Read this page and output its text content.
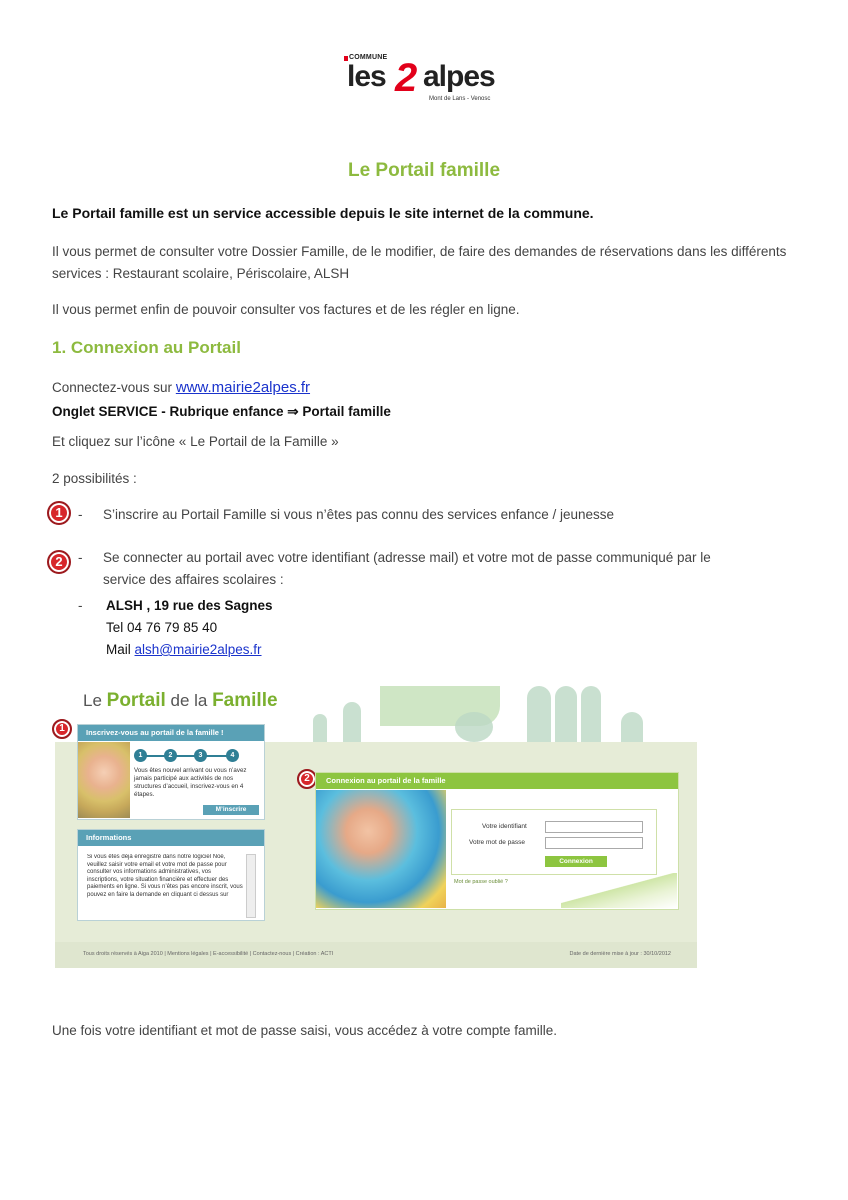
COMMUNE
les 2 alpes
Mont de Lans - Venosc
Le Portail famille
Le Portail famille est un service accessible depuis le site internet de la commune.
Il vous permet de consulter votre Dossier Famille, de le modifier, de faire des demandes de réservations dans les différents services : Restaurant scolaire, Périscolaire, ALSH
Il vous permet enfin de pouvoir consulter vos factures et de les régler en ligne.
1. Connexion au Portail
Connectez-vous sur www.mairie2alpes.fr
Onglet SERVICE - Rubrique enfance ⇒ Portail famille
Et cliquez sur l’icône « Le Portail de la Famille »
2 possibilités :
1	- S’inscrire au Portail Famille si vous n’êtes pas connu des services enfance / jeunesse
2	- Se connecter au portail avec votre identifiant (adresse mail) et votre mot de passe communiqué par le
service des affaires scolaires :
- ALSH , 19 rue des Sagnes
Tel 04 76 79 85 40
Mail alsh@mairie2alpes.fr
Le Portail de la Famille
1	Inscrivez-vous au portail de la famille !
1	2	3	4
Vous êtes nouvel arrivant ou vous n’avez jamais participé aux activités de nos structures d’accueil, inscrivez-vous en 4 étapes.
M’inscrire
Informations
Si vous êtes déjà enregistré dans notre logiciel Noé, veuillez saisir votre email et votre mot de passe pour consulter vos informations administratives, vos inscriptions, votre situation financière et effectuer des paiements en ligne. Si vous n’êtes pas encore inscrit, vous pouvez en faire la demande en cliquant ci dessus sur
2	Connexion au portail de la famille
Votre identifiant
Votre mot de passe
Connexion
Mot de passe oublié ?
Tous droits réservés à Aiga 2010 | Mentions légales | E-accessibilité | Contactez-nous | Création : ACTI	Date de dernière mise à jour : 30/10/2012
Une fois votre identifiant et mot de passe saisi, vous accédez à votre compte famille.
